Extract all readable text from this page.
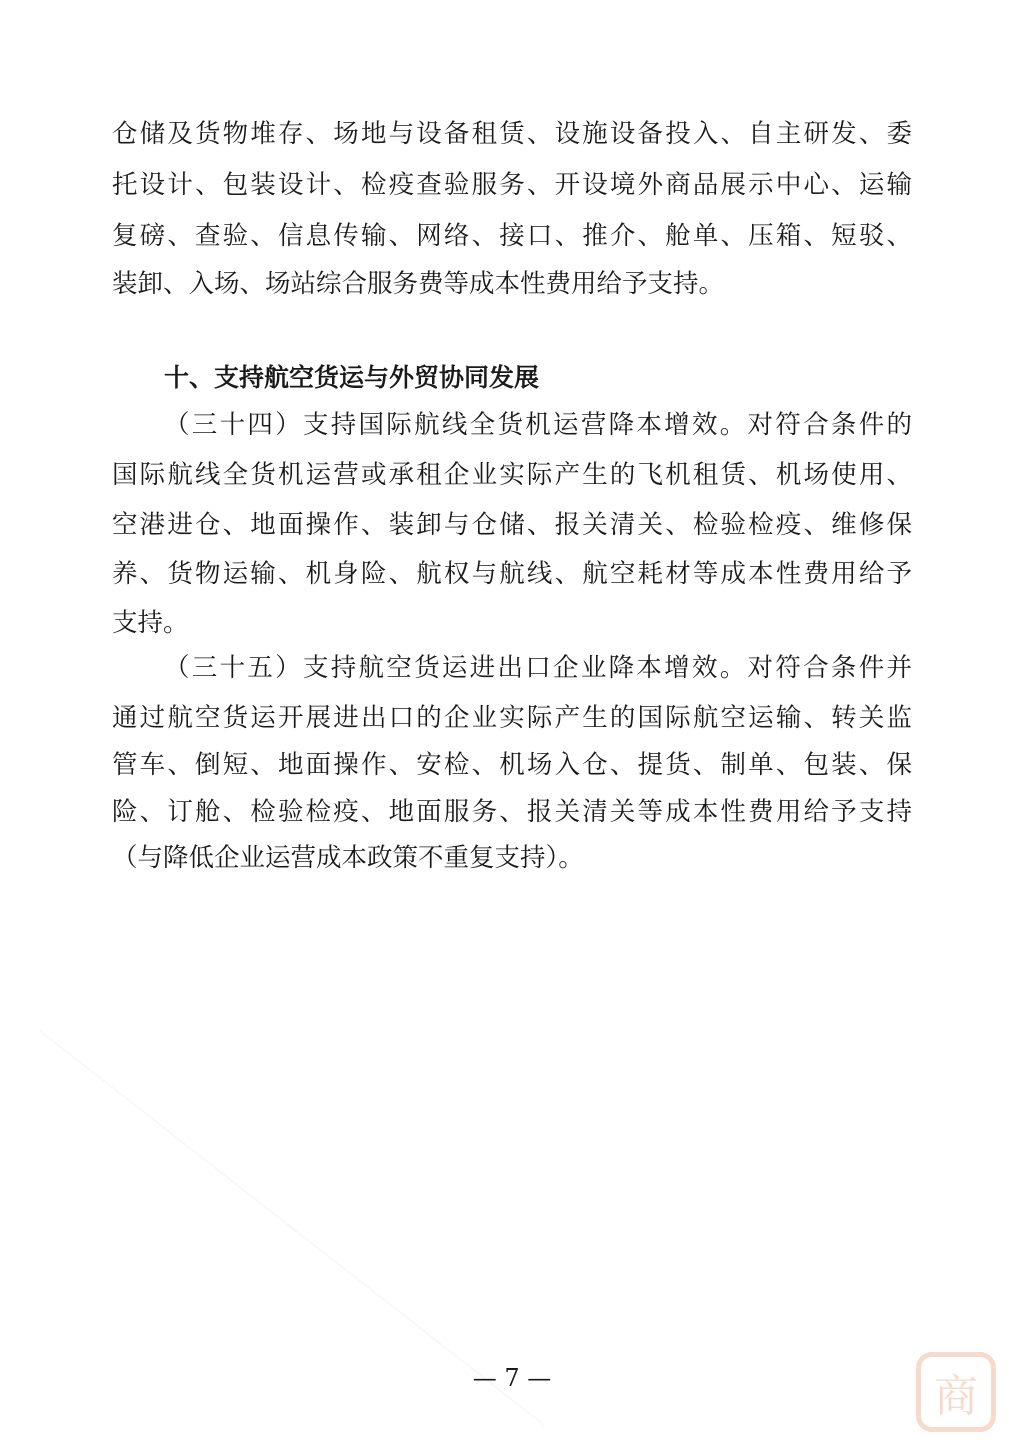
仓储及货物堆存、场地与设备租赁、设施设备投入、自主研发、委
托设计、包装设计、检疫查验服务、开设境外商品展示中心、运输
复磅、查验、信息传输、网络、接口、推介、舱单、压箱、短驳、
装卸、入场、场站综合服务费等成本性费用给予支持。
十、支持航空货运与外贸协同发展
（三十四）支持国际航线全货机运营降本增效。对符合条件的
国际航线全货机运营或承租企业实际产生的飞机租赁、机场使用、
空港进仓、地面操作、装卸与仓储、报关清关、检验检疫、维修保
养、货物运输、机身险、航权与航线、航空耗材等成本性费用给予
支持。
（三十五）支持航空货运进出口企业降本增效。对符合条件并
通过航空货运开展进出口的企业实际产生的国际航空运输、转关监
管车、倒短、地面操作、安检、机场入仓、提货、制单、包装、保
险、订舱、检验检疫、地面服务、报关清关等成本性费用给予支持
（与降低企业运营成本政策不重复支持）。
— 7 —	商
